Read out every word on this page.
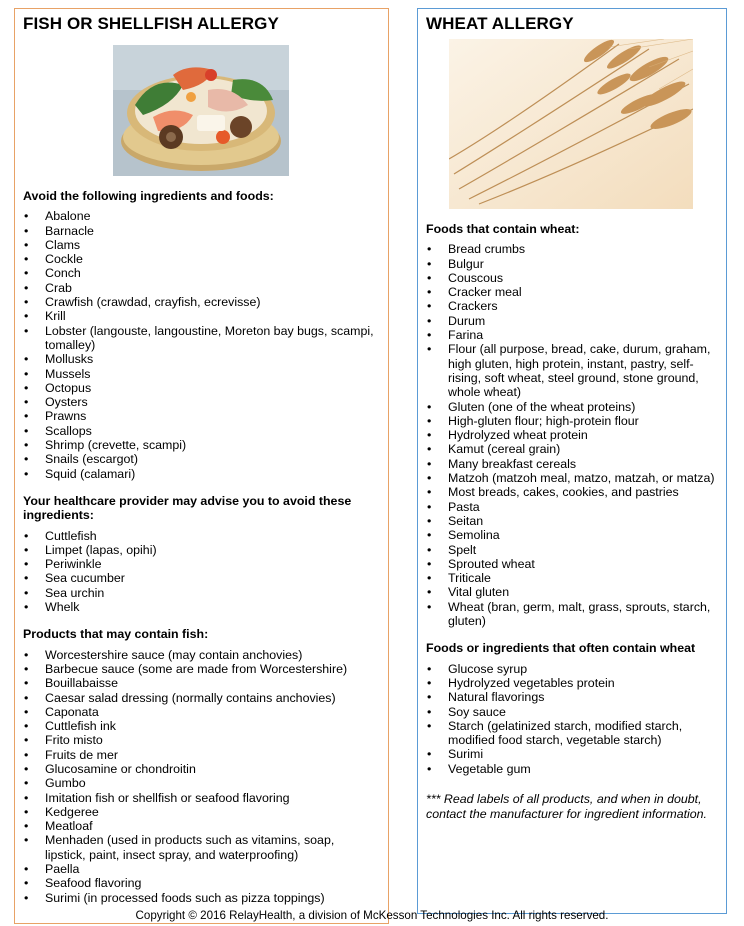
FISH OR SHELLFISH ALLERGY

Avoid the following ingredients and foods:

• Abalone
• Barnacle
• Clams
• Cockle
• Conch
• Crab
• Crawfish (crawdad, crayfish, ecrevisse)
• Krill
• Lobster (langouste, langoustine, Moreton bay bugs, scampi, tomalley)
• Mollusks
• Mussels
• Octopus
• Oysters
• Prawns
• Scallops
• Shrimp (crevette, scampi)
• Snails (escargot)
• Squid (calamari)

Your healthcare provider may advise you to avoid these ingredients:

• Cuttlefish
• Limpet (lapas, opihi)
• Periwinkle
• Sea cucumber
• Sea urchin
• Whelk

Products that may contain fish:

• Worcestershire sauce (may contain anchovies)
• Barbecue sauce (some are made from Worcestershire)
• Bouillabaisse
• Caesar salad dressing (normally contains anchovies)
• Caponata
• Cuttlefish ink
• Frito misto
• Fruits de mer
• Glucosamine or chondroitin
• Gumbo
• Imitation fish or shellfish or seafood flavoring
• Kedgeree
• Meatloaf
• Menhaden (used in products such as vitamins, soap, lipstick, paint, insect spray, and waterproofing)
• Paella
• Seafood flavoring
• Surimi (in processed foods such as pizza toppings)
WHEAT ALLERGY

Foods that contain wheat:

• Bread crumbs
• Bulgur
• Couscous
• Cracker meal
• Crackers
• Durum
• Farina
• Flour (all purpose, bread, cake, durum, graham, high gluten, high protein, instant, pastry, self-rising, soft wheat, steel ground, stone ground, whole wheat)
• Gluten (one of the wheat proteins)
• High-gluten flour; high-protein flour
• Hydrolyzed wheat protein
• Kamut (cereal grain)
• Many breakfast cereals
• Matzoh (matzoh meal, matzo, matzah, or matza)
• Most breads, cakes, cookies, and pastries
• Pasta
• Seitan
• Semolina
• Spelt
• Sprouted wheat
• Triticale
• Vital gluten
• Wheat (bran, germ, malt, grass, sprouts, starch, gluten)

Foods or ingredients that often contain wheat

• Glucose syrup
• Hydrolyzed vegetables protein
• Natural flavorings
• Soy sauce
• Starch (gelatinized starch, modified starch, modified food starch, vegetable starch)
• Surimi
• Vegetable gum

*** Read labels of all products, and when in doubt, contact the manufacturer for ingredient information.

Copyright © 2016 RelayHealth, a division of McKesson Technologies Inc. All rights reserved.
